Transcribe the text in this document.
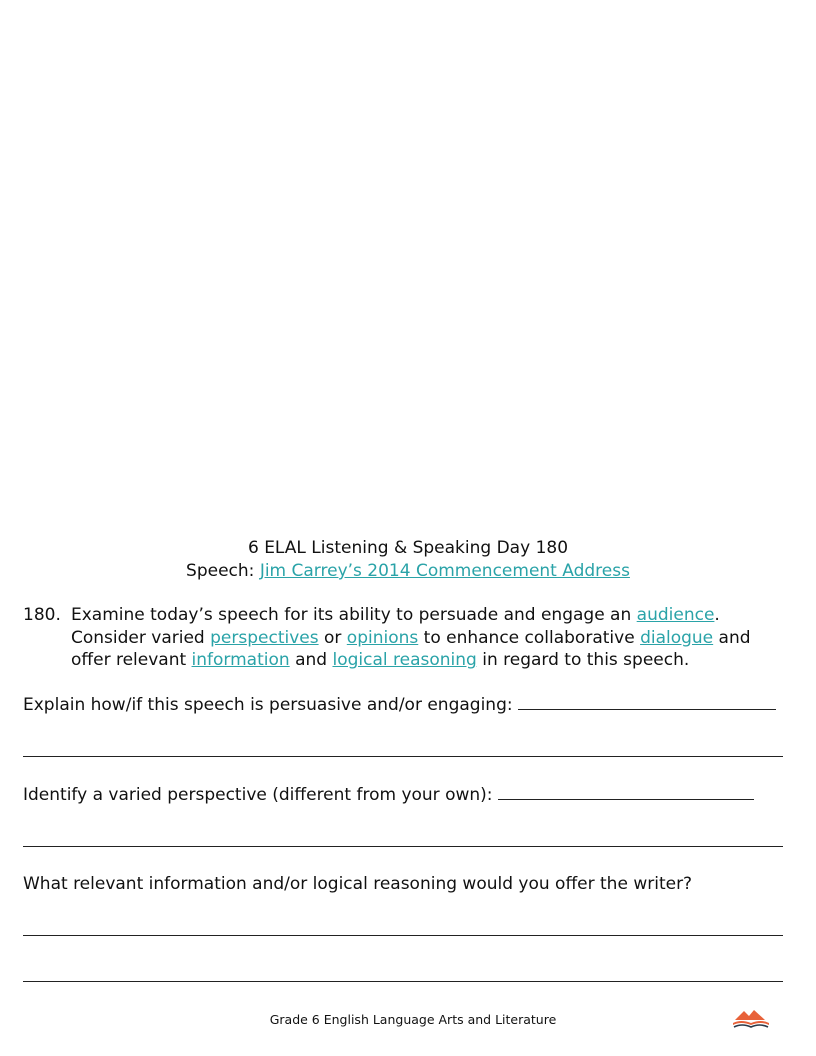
6 ELAL Listening & Speaking Day 180
Speech: Jim Carrey’s 2014 Commencement Address
180. Examine today’s speech for its ability to persuade and engage an audience.
Consider varied perspectives or opinions to enhance collaborative dialogue and
offer relevant information and logical reasoning in regard to this speech.
Explain how/if this speech is persuasive and/or engaging:
Identify a varied perspective (different from your own):
What relevant information and/or logical reasoning would you offer the writer?
Grade 6 English Language Arts and Literature
